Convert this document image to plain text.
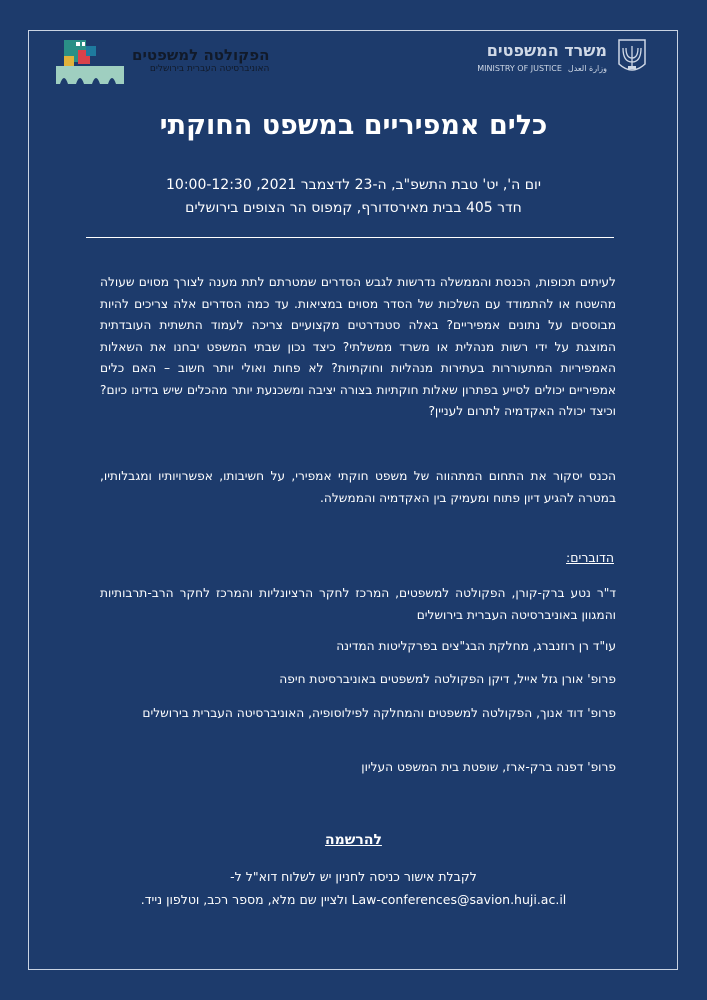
משרד המשפטים
MINISTRY OF JUSTICE وزارة العدل
הפקולטה למשפטים
האוניברסיטה העברית בירושלים
כלים אמפיריים במשפט החוקתי
יום ה', יט' טבת התשפ"ב, ה-23 לדצמבר 2021, 10:00-12:30
חדר 405 בבית מאירסדורף, קמפוס הר הצופים בירושלים
לעיתים תכופות, הכנסת והממשלה נדרשות לגבש הסדרים שמטרתם לתת מענה לצורך מסוים שעולה מהשטח או להתמודד עם השלכות של הסדר מסוים במציאות. עד כמה הסדרים אלה צריכים להיות מבוססים על נתונים אמפיריים? באלה סטנדרטים מקצועיים צריכה לעמוד התשתית העובדתית המוצגת על ידי רשות מנהלית או משרד ממשלתי? כיצד נכון שבתי המשפט יבחנו את השאלות האמפיריות המתעוררות בעתירות מנהליות וחוקתיות? לא פחות ואולי יותר חשוב – האם כלים אמפיריים יכולים לסייע בפתרון שאלות חוקתיות בצורה יציבה ומשכנעת יותר מהכלים שיש בידינו כיום? וכיצד יכולה האקדמיה לתרום לעניין?
הכנס יסקור את התחום המתהווה של משפט חוקתי אמפירי, על חשיבותו, אפשרויותיו ומגבלותיו, במטרה להגיע דיון פתוח ומעמיק בין האקדמיה והממשלה.
הדוברים:
ד"ר נטע ברק-קורן, הפקולטה למשפטים, המרכז לחקר הרציונליות והמרכז לחקר הרב-תרבותיות והמגוון באוניברסיטה העברית בירושלים
עו"ד רן רוזנברג, מחלקת הבג"צים בפרקליטות המדינה
פרופ' אורן גזל אייל, דיקן הפקולטה למשפטים באוניברסיטת חיפה
פרופ' דוד אנוך, הפקולטה למשפטים והמחלקה לפילוסופיה, האוניברסיטה העברית בירושלים
פרופ' דפנה ברק-ארז, שופטת בית המשפט העליון
להרשמה
לקבלת אישור כניסה לחניון יש לשלוח דוא"ל ל-
Law-conferences@savion.huji.ac.il ולציין שם מלא, מספר רכב, וטלפון נייד.
